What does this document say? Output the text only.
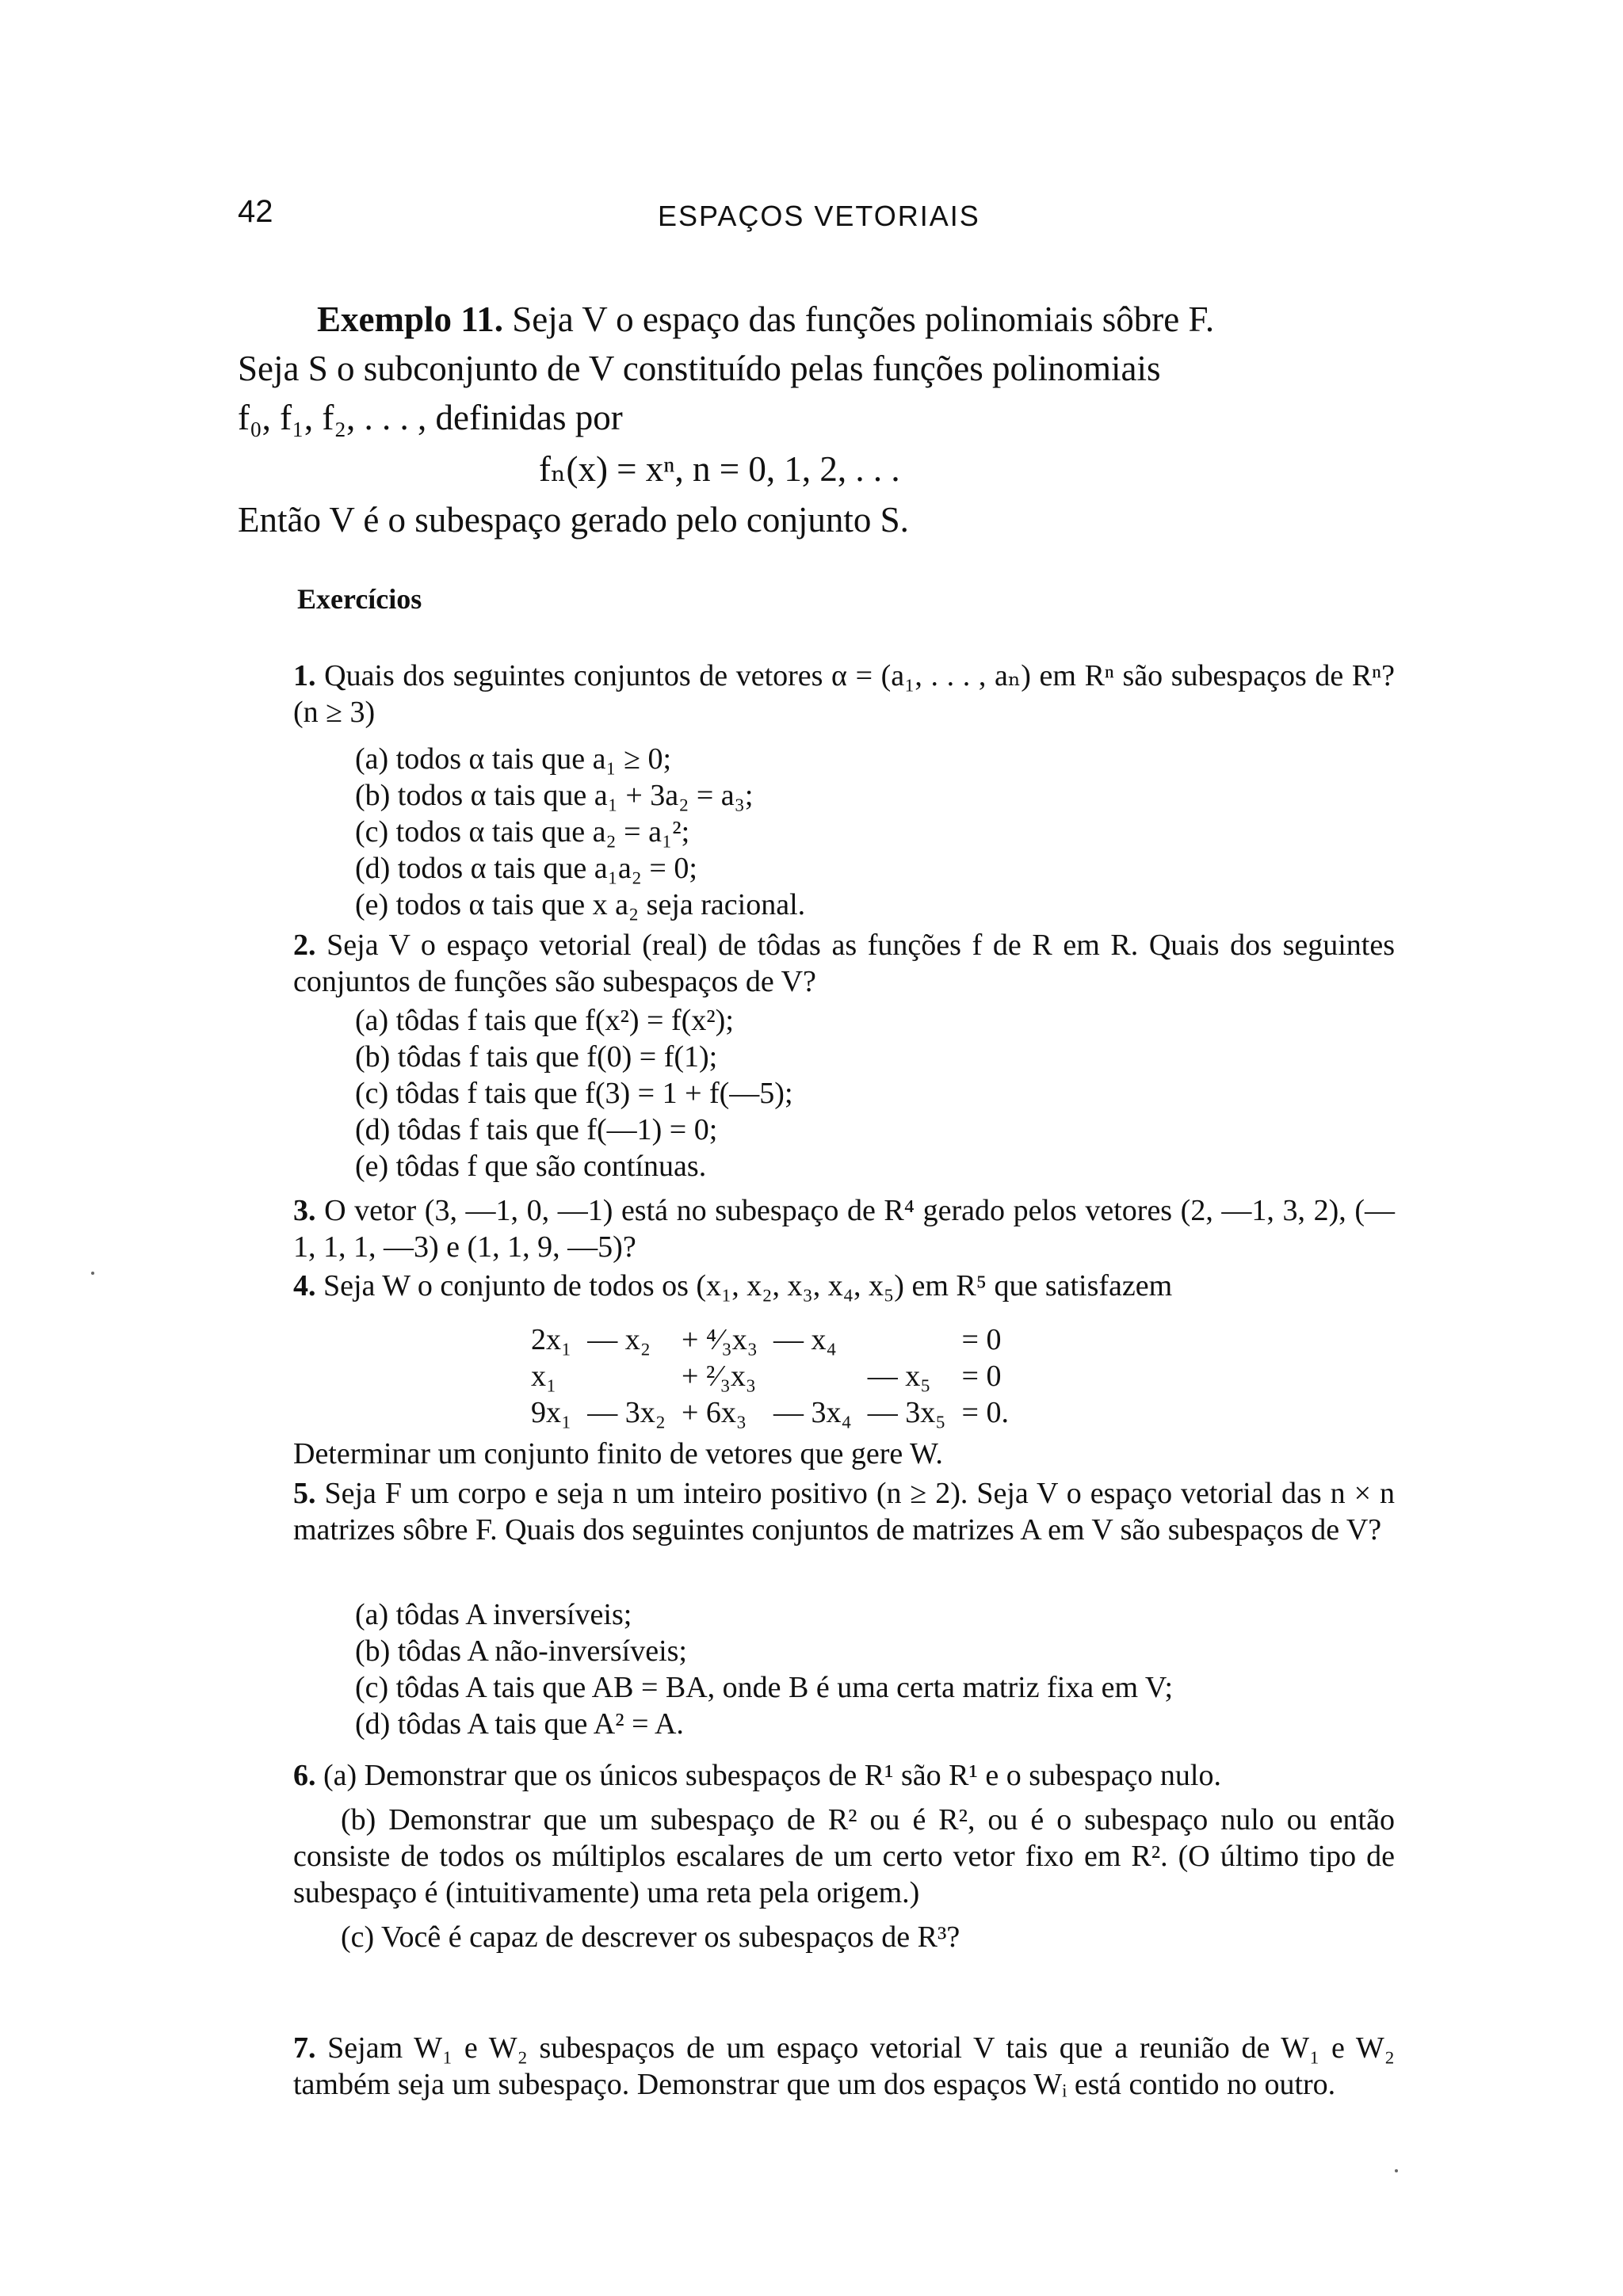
42	ESPAÇOS VETORIAIS
Exemplo 11. Seja V o espaço das funções polinomiais sôbre F.
Seja S o subconjunto de V constituído pelas funções polinomiais
f₀, f₁, f₂, . . . , definidas por
fₙ(x) = xⁿ, n = 0, 1, 2, . . .
Então V é o subespaço gerado pelo conjunto S.
Exercícios
1. Quais dos seguintes conjuntos de vetores α = (a₁, . . . , aₙ) em Rⁿ são subespaços de Rⁿ? (n ≥ 3)
(a) todos α tais que a₁ ≥ 0;
(b) todos α tais que a₁ + 3a₂ = a₃;
(c) todos α tais que a₂ = a₁²;
(d) todos α tais que a₁a₂ = 0;
(e) todos α tais que x a₂ seja racional.
2. Seja V o espaço vetorial (real) de tôdas as funções f de R em R. Quais dos seguintes conjuntos de funções são subespaços de V?
(a) tôdas f tais que f(x²) = f(x²);
(b) tôdas f tais que f(0) = f(1);
(c) tôdas f tais que f(3) = 1 + f(—5);
(d) tôdas f tais que f(—1) = 0;
(e) tôdas f que são contínuas.
3. O vetor (3, —1, 0, —1) está no subespaço de R⁴ gerado pelos vetores (2, —1, 3, 2), (—1, 1, 1, —3) e (1, 1, 9, —5)?
4. Seja W o conjunto de todos os (x₁, x₂, x₃, x₄, x₅) em R⁵ que satisfazem
2x₁	— x₂	+ ⁴⁄₃x₃	— x₄		= 0
x₁		+ ²⁄₃x₃		— x₅	= 0
9x₁	— 3x₂	+ 6x₃	— 3x₄	— 3x₅	= 0.
Determinar um conjunto finito de vetores que gere W.
5. Seja F um corpo e seja n um inteiro positivo (n ≥ 2). Seja V o espaço vetorial das n × n matrizes sôbre F. Quais dos seguintes conjuntos de matrizes A em V são subespaços de V?
(a) tôdas A inversíveis;
(b) tôdas A não-inversíveis;
(c) tôdas A tais que AB = BA, onde B é uma certa matriz fixa em V;
(d) tôdas A tais que A² = A.
6. (a) Demonstrar que os únicos subespaços de R¹ são R¹ e o subespaço nulo.
(b) Demonstrar que um subespaço de R² ou é R², ou é o subespaço nulo ou então consiste de todos os múltiplos escalares de um certo vetor fixo em R². (O último tipo de subespaço é (intuitivamente) uma reta pela origem.)
(c) Você é capaz de descrever os subespaços de R³?
7. Sejam W₁ e W₂ subespaços de um espaço vetorial V tais que a reunião de W₁ e W₂ também seja um subespaço. Demonstrar que um dos espaços Wᵢ está contido no outro.
